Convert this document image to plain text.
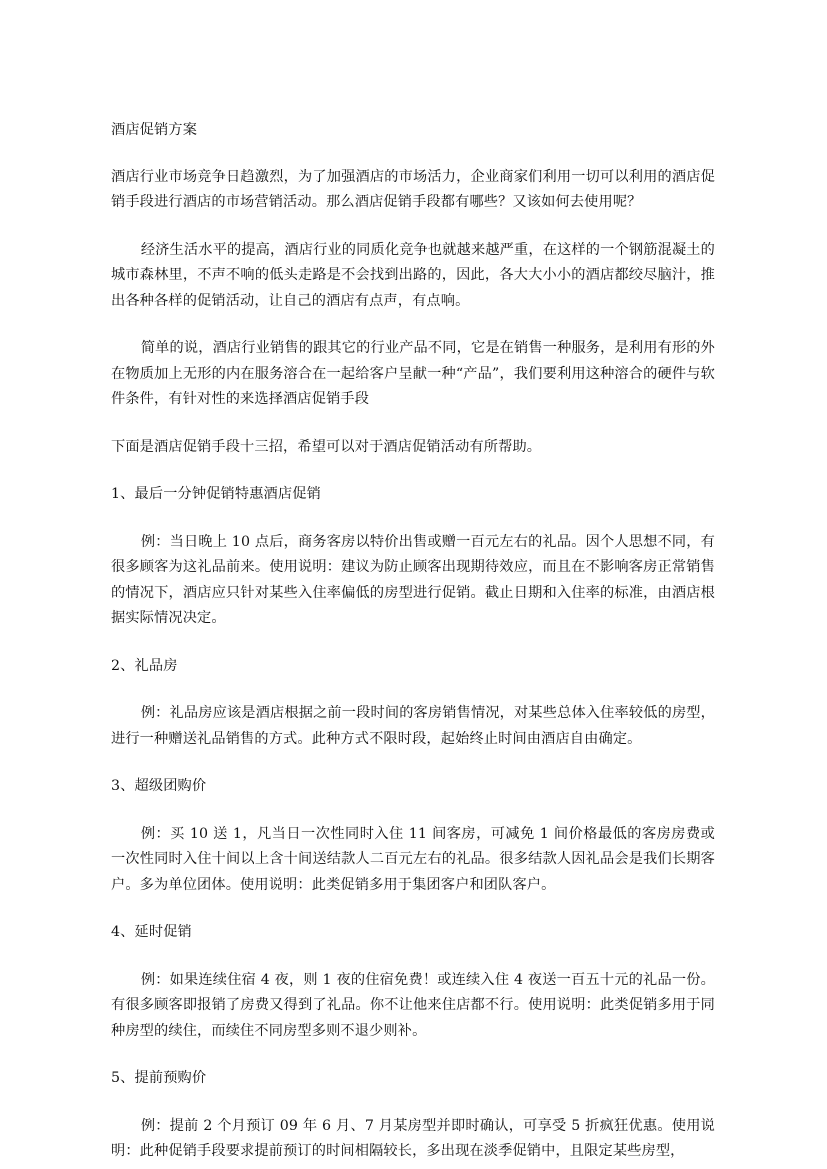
酒店促销方案

酒店行业市场竞争日趋激烈，为了加强酒店的市场活力，企业商家们利用一切可以利用的酒店促销手段进行酒店的市场营销活动。那么酒店促销手段都有哪些？又该如何去使用呢？

经济生活水平的提高，酒店行业的同质化竞争也就越来越严重，在这样的一个钢筋混凝土的城市森林里，不声不响的低头走路是不会找到出路的，因此，各大大小小的酒店都绞尽脑汁，推出各种各样的促销活动，让自己的酒店有点声，有点响。

简单的说，酒店行业销售的跟其它的行业产品不同，它是在销售一种服务，是利用有形的外在物质加上无形的内在服务溶合在一起给客户呈献一种“产品”，我们要利用这种溶合的硬件与软件条件，有针对性的来选择酒店促销手段

下面是酒店促销手段十三招，希望可以对于酒店促销活动有所帮助。

1、最后一分钟促销特惠酒店促销

例：当日晚上 10 点后，商务客房以特价出售或赠一百元左右的礼品。因个人思想不同，有很多顾客为这礼品前来。使用说明：建议为防止顾客出现期待效应，而且在不影响客房正常销售的情况下，酒店应只针对某些入住率偏低的房型进行促销。截止日期和入住率的标准，由酒店根据实际情况决定。

2、礼品房

例：礼品房应该是酒店根据之前一段时间的客房销售情况，对某些总体入住率较低的房型，进行一种赠送礼品销售的方式。此种方式不限时段，起始终止时间由酒店自由确定。

3、超级团购价

例：买 10 送 1，凡当日一次性同时入住 11 间客房，可减免 1 间价格最低的客房房费或一次性同时入住十间以上含十间送结款人二百元左右的礼品。很多结款人因礼品会是我们长期客户。多为单位团体。使用说明：此类促销多用于集团客户和团队客户。

4、延时促销

例：如果连续住宿 4 夜，则 1 夜的住宿免费！或连续入住 4 夜送一百五十元的礼品一份。有很多顾客即报销了房费又得到了礼品。你不让他来住店都不行。使用说明：此类促销多用于同种房型的续住，而续住不同房型多则不退少则补。

5、提前预购价

例：提前 2 个月预订 09 年 6 月、7 月某房型并即时确认，可享受 5 折疯狂优惠。使用说明：此种促销手段要求提前预订的时间相隔较长，多出现在淡季促销中，且限定某些房型，
